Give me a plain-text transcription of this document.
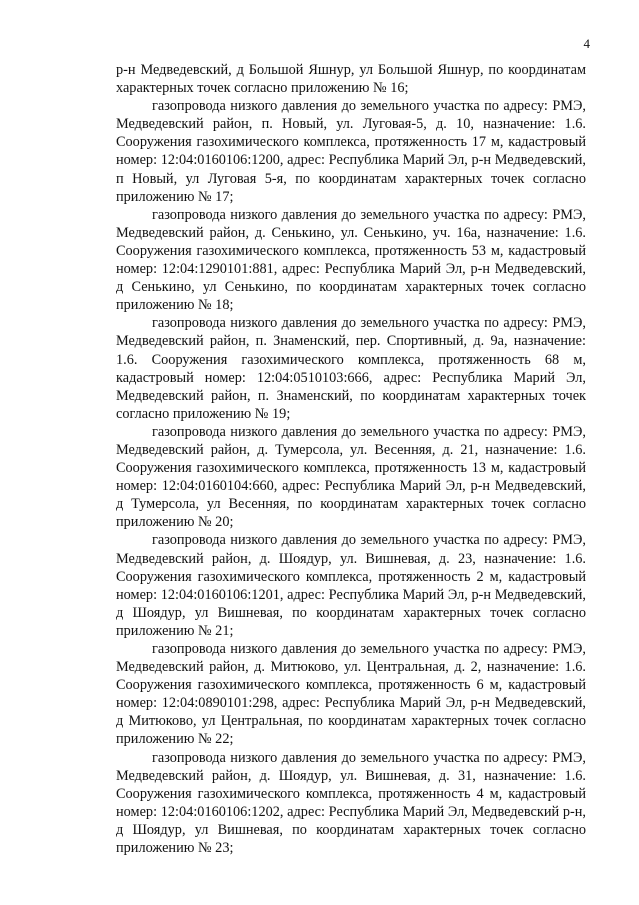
4

р-н Медведевский, д Большой Яшнур, ул Большой Яшнур, по координатам характерных точек согласно приложению № 16;

газопровода низкого давления до земельного участка по адресу: РМЭ, Медведевский район, п. Новый, ул. Луговая-5, д. 10, назначение: 1.6. Сооружения газохимического комплекса, протяженность 17 м, кадастровый номер: 12:04:0160106:1200, адрес: Республика Марий Эл, р-н Медведевский, п Новый, ул Луговая 5-я, по координатам характерных точек согласно приложению № 17;

газопровода низкого давления до земельного участка по адресу: РМЭ, Медведевский район, д. Сенькино, ул. Сенькино, уч. 16а, назначение: 1.6. Сооружения газохимического комплекса, протяженность 53 м, кадастровый номер: 12:04:1290101:881, адрес: Республика Марий Эл, р-н Медведевский, д Сенькино, ул Сенькино, по координатам характерных точек согласно приложению № 18;

газопровода низкого давления до земельного участка по адресу: РМЭ, Медведевский район, п. Знаменский, пер. Спортивный, д. 9а, назначение: 1.6. Сооружения газохимического комплекса, протяженность 68 м, кадастровый номер: 12:04:0510103:666, адрес: Республика Марий Эл, Медведевский район, п. Знаменский, по координатам характерных точек согласно приложению № 19;

газопровода низкого давления до земельного участка по адресу: РМЭ, Медведевский район, д. Тумерсола, ул. Весенняя, д. 21, назначение: 1.6. Сооружения газохимического комплекса, протяженность 13 м, кадастровый номер: 12:04:0160104:660, адрес: Республика Марий Эл, р-н Медведевский, д Тумерсола, ул Весенняя, по координатам характерных точек согласно приложению № 20;

газопровода низкого давления до земельного участка по адресу: РМЭ, Медведевский район, д. Шоядур, ул. Вишневая, д. 23, назначение: 1.6. Сооружения газохимического комплекса, протяженность 2 м, кадастровый номер: 12:04:0160106:1201, адрес: Республика Марий Эл, р-н Медведевский, д Шоядур, ул Вишневая, по координатам характерных точек согласно приложению № 21;

газопровода низкого давления до земельного участка по адресу: РМЭ, Медведевский район, д. Митюково, ул. Центральная, д. 2, назначение: 1.6. Сооружения газохимического комплекса, протяженность 6 м, кадастровый номер: 12:04:0890101:298, адрес: Республика Марий Эл, р-н Медведевский, д Митюково, ул Центральная, по координатам характерных точек согласно приложению № 22;

газопровода низкого давления до земельного участка по адресу: РМЭ, Медведевский район, д. Шоядур, ул. Вишневая, д. 31, назначение: 1.6. Сооружения газохимического комплекса, протяженность 4 м, кадастровый номер: 12:04:0160106:1202, адрес: Республика Марий Эл, Медведевский р-н, д Шоядур, ул Вишневая, по координатам характерных точек согласно приложению № 23;
